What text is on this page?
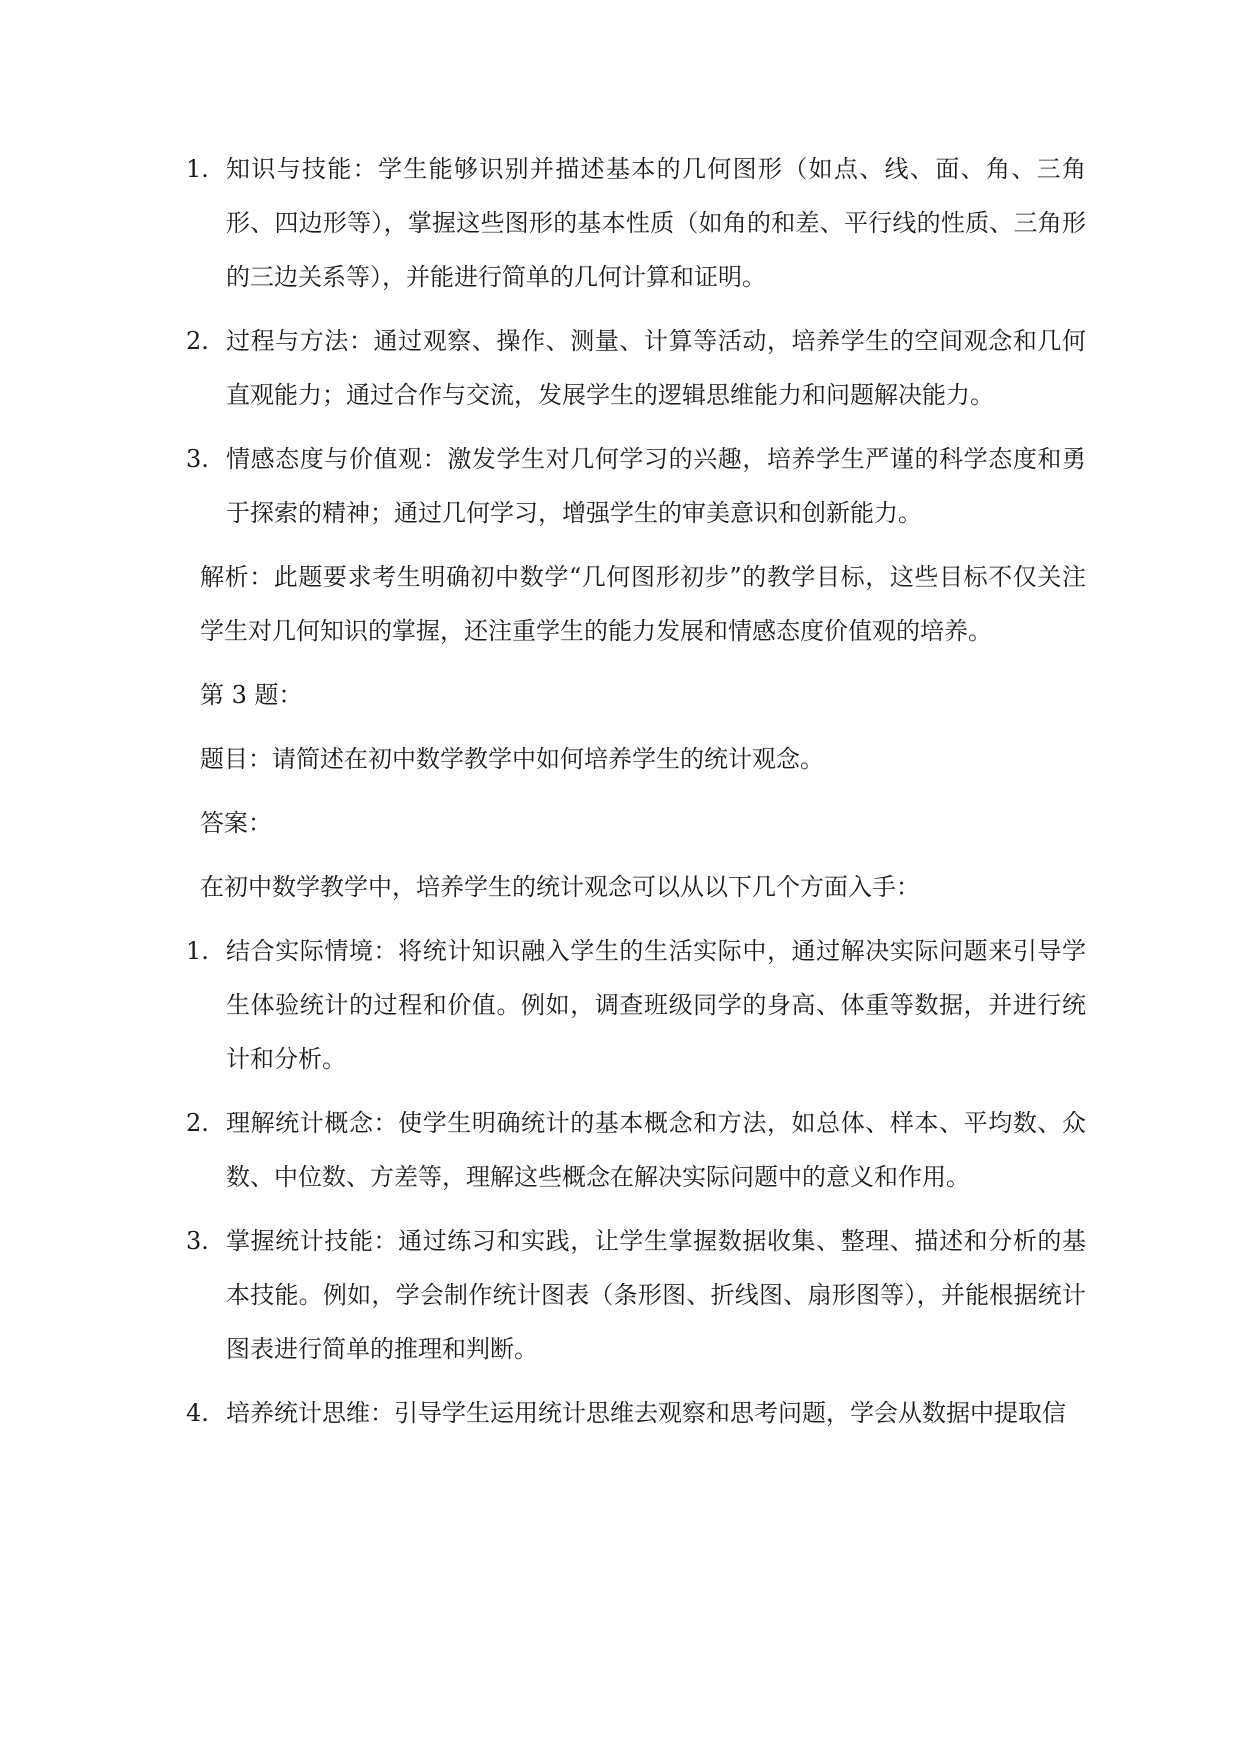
1. 知识与技能：学生能够识别并描述基本的几何图形（如点、线、面、角、三角形、四边形等），掌握这些图形的基本性质（如角的和差、平行线的性质、三角形的三边关系等），并能进行简单的几何计算和证明。
2. 过程与方法：通过观察、操作、测量、计算等活动，培养学生的空间观念和几何直观能力；通过合作与交流，发展学生的逻辑思维能力和问题解决能力。
3. 情感态度与价值观：激发学生对几何学习的兴趣，培养学生严谨的科学态度和勇于探索的精神；通过几何学习，增强学生的审美意识和创新能力。
解析：此题要求考生明确初中数学“几何图形初步”的教学目标，这些目标不仅关注学生对几何知识的掌握，还注重学生的能力发展和情感态度价值观的培养。
第 3 题：
题目：请简述在初中数学教学中如何培养学生的统计观念。
答案：
在初中数学教学中，培养学生的统计观念可以从以下几个方面入手：
1. 结合实际情境：将统计知识融入学生的生活实际中，通过解决实际问题来引导学生体验统计的过程和价值。例如，调查班级同学的身高、体重等数据，并进行统计和分析。
2. 理解统计概念：使学生明确统计的基本概念和方法，如总体、样本、平均数、众数、中位数、方差等，理解这些概念在解决实际问题中的意义和作用。
3. 掌握统计技能：通过练习和实践，让学生掌握数据收集、整理、描述和分析的基本技能。例如，学会制作统计图表（条形图、折线图、扇形图等），并能根据统计图表进行简单的推理和判断。
4. 培养统计思维：引导学生运用统计思维去观察和思考问题，学会从数据中提取信
